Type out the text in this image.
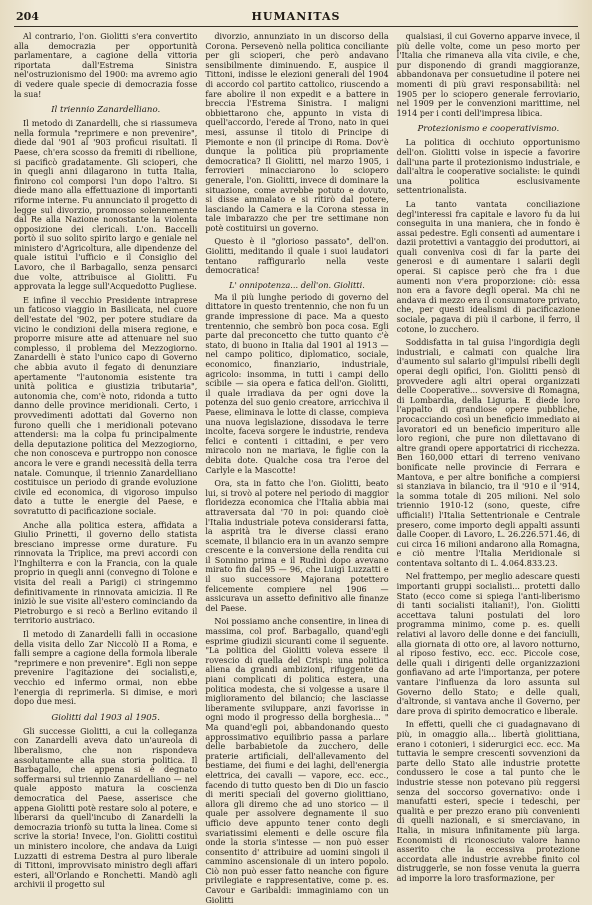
204	HUMANITAS

Al contrario, l'on. Giolitti s'era convertito alla democrazia per opportunità parlamentare, a cagione della vittoria riportata dall'Estrema Sinistra nel'ostruzionismo del 1900: ma avremo agio di vedere quale specie di democrazia fosse la sua!

Il triennio Zanardelliano.

Il metodo di Zanardelli, che si riassumeva nella formula "reprimere e non prevenire", diede dal '901 al '903 proficui risultati. Il Paese, ch'era scosso da fremiti di ribellione, si pacificò gradatamente. Gli scioperi, che in quegli anni dilagarono in tutta Italia, finirono col comporsi l'un dopo l'altro. Si diede mano alla effettuazione di importanti riforme interne. Fu annunciato il progetto di legge sul divorzio, promosso solennemente dal Re alla Nazione nonostante la violenta opposizione dei clericali. L'on. Baccelli portò il suo solito spirito largo e geniale nel ministero d'Agricoltura, alle dipendenze del quale istituì l'ufficio e il Consiglio del Lavoro, che il Barbagallo, senza pensarci due volte, attribuisce al Giolitti. Fu approvata la legge sull'Acquedotto Pugliese.

E infine il vecchio Presidente intraprese un faticoso viaggio in Basilicata, nel cuore dell'estate del '902, per potere studiare da vicino le condizioni della misera regione, e proporre misure atte ad attenuare nel suo complesso, il problema del Mezzogiorno. Zanardelli è stato l'unico capo di Governo che abbia avuto il fegato di denunziare apertamente "l'autonomia esistente tra unità politica e giustizia tributaria", autonomia che, com'è noto, ridonda a tutto danno delle province meridionali. Certo, i provvedimenti adottati dal Governo non furono quelli che i meridionali potevano attendersi: ma la colpa fu principalmente della deputazione politica del Mezzogiorno, che non conosceva e purtroppo non conosce ancora le vere e grandi necessità della terra natale. Comunque, il triennio Zanardelliano costituisce un periodo di grande evoluzione civile ed economica, di vigoroso impulso dato a tutte le energie del Paese, e sovratutto di pacificazione sociale.

Anche alla politica estera, affidata a Giulio Prinetti, il governo dello statista bresciano impresse orme durature. Fu rinnovata la Triplice, ma previ accordi con l'Inghilterra e con la Francia, con la quale proprio in quegli anni (convegno di Tolone e visita del reali a Parigi) ci stringemmo definitivamente in rinnovata amicizia. Il Re iniziò le sue visite all'estero cominciando da Pietroburgo e si recò a Berlino evitando il territorio austriaco.

Il metodo di Zanardelli fallì in occasione della visita dello Zar Niccolò II a Roma, e falli sempre a cagione della formola liberale "reprimere e non prevenire". Egli non seppe prevenire l'agitazione dei socialisti,e, vecchio ed infermo ormai, non ebbe l'energia di reprimerla. Si dimise, e morì dopo due mesi.

Giolitti dal 1903 al 1905.

Gli successe Giolitti, a cui la colleganza con Zanardelli aveva dato un'aureola di liberalismo, che non rispondeva assolutamente alla sua storia politica. Il Barbagallo, che appena si è degnato soffermarsi sul triennio Zanardelliano — nel quale apposto matura la coscienza democratica del Paese, asserisce che appena Giolitti potè restare solo al potere, e liberarsi da quell'incubo di Zanardelli la democrazia trionfò su tutta la linea. Come si scrive la storia! Invece, l'on. Giolitti costituì un ministero incolore, che andava da Luigi Luzzatti di estrema Destra al puro liberale di Tittoni, improvvisato ministro degli affari esteri, all'Orlando e Ronchetti. Mandò agli archivii il progetto sul

divorzio, annunziato in un discorso della Corona. Persevenò nella politica conciliante per gli scioperi, che però andavano sensibilmente diminuendo. E, auspice il Tittoni, indisse le elezioni generali del 1904 di accordo col partito cattolico, riuscendo a fare abolire il non expedit e a battere in breccia l'Estrema Sinistra. I maligni obbiettarono che, appunto in vista di quell'accordo, l'erede al Trono, nato in quei mesi, assunse il titolo di Principe di Piemonte e non (il principe di Roma. Dov'è dunque la politica più propriamente democratica? Il Giolitti, nel marzo 1905, i ferrovieri minacciarono lo sciopero generale, l'on. Giolitti, invece di dominare la situazione, come avrebbe potuto e dovuto, si disse ammalato e si ritirò dal potere, lasciando la Camera e la Corona stessa in tale imbarazzo che per tre settimane non potè costituirsi un governo.

Questo è il "glorioso passato", dell'on. Giolitti, meditando il quale i suoi laudatori tentano raffigurarlo nella veste democratica!

L' onnipotenza... dell'on. Giolitti.

Ma il più lunghe periodo di governo del dittatore in questo trentennio, che non fu un grande impressione di pace. Ma a questo trentennio, che sembrò bon poca cosa. Egli parte dal preconcetto che tutto quanto c'è stato, di buono in Italia dal 1901 al 1913 — nel campo politico, diplomatico, sociale, economico, finanziario, industriale, agricolo: insomma, in tutti i campi dello scibile — sia opera e fatica dell'on. Giolitti, il quale irradiava da per ogni dove la potenza del suo genio creatore, arricchiva il Paese, eliminava le lotte di classe, compieva una nuova legislazione, dissodava le terre incolte, faceva sorgere le industrie, rendeva felici e contenti i cittadini, e per vero miracolo non ne mariava, le figlie con la debita dote. Qualche cosa tra l'eroe del Carlyle e la Mascotte!

Ora, sta in fatto che l'on. Giolitti, beato lui, si trovò al potere nel periodo di maggior floridezza economica che l'Italia abbia mai attraversata dal '70 in poi: quando cioè l'Italia industriale poteva considerarsi fatta, la asprità tra le diverse classi erano scemate, il bilancio era in un avanzo sempre crescente e la conversione della rendita cui il Sonnino prima e il Rudinì dopo avevano mirato fin dal 95 — 96, che Luigi Luzzatti e il suo successore Majorana potettero felicemente compiere nel 1906 — assicurava un assetto definitivo alle finanze del Paese.

Noi possiamo anche consentire, in linea di massima, col prof. Barbagallo, quand'egli esprime giudizii sicuranti come il seguente. "La politica del Giolitti voleva essere il rovescio di quella del Crispi: una politica aliena da grandi ambizioni, rifuggente da piani complicati di politica estera, una politica modesta, che si volgesse a usare il miglioramento del bilancio; che lasciasse liberamente sviluppare, anzi favorisse in ogni modo il progresso della borghesia... " Ma quand'egli poi, abbandonando questo approssimativo equilibrio passa a parlare delle barbabietole da zucchero, delle praterie artificiali, dell'allevamento del bestiame, dei fiumi e dei laghi, dell'energia elettrica, dei cavalli — vapore, ecc. ecc., facendo di tutto questo ben di Dio un fascio di meriti speciali del governo giolittiano, allora gli diremo che ad uno storico — il quale per assolvere degnamente il suo ufficio deve appunto tener conto degli svariatissimi elementi e delle oscure fila onde la storia s'intesse — non può esser consentito d' attribuire ad uomini singoli il cammino ascensionale di un intero popolo. Ciò non può esser fatto neanche con figure privilegiate e rappresentative, come p. es. Cavour e Garibaldi: immaginiamo con un Giolitti

qualsiasi, il cui Governo apparve invece, il più delle volte, come un peso morto per l'Italia che rimaneva alla vita civile, e che, pur disponendo di grandi maggioranze, abbandonava per consuetudine il potere nei momenti di più gravi responsabilità: nel 1905 per lo sciopero generale ferroviario, nel 1909 per le convenzioni marittime, nel 1914 per i conti dell'impresa libica.

Protezionismo e cooperativismo.

La politica di occhiuto opportunismo dell'on. Giolitti volse in ispecie a favorire dall'una parte il protezionismo industriale, e dall'altra le cooperative socialiste: le quindi una politica esclusivamente settentrionalista.

La tanto vantata conciliazione degl'interessi fra capitale e lavoro fu da lui conseguita in una maniera, che in fondo è assai pedestre. Egli consentì ad aumentare i dazii protettivi a vantaggio dei produttori, ai quali conveniva così di far la parte dei generosi e di aumentare i salarii degli operai. Si capisce però che fra i due aumenti non v'era proporzione: ciò: essa non era a favore degli operai. Ma chi ne andava di mezzo era il consumatore privato, che, per questi idealismi di pacificazione sociale, pagava di più il carbone, il ferro, il cotone, lo zucchero.

Soddisfatta in tal guisa l'ingordigia degli industriali, e calmati con qualche lira d'aumento sul salario gl'impulsi ribelli degli operai degli opifici, l'on. Giolitti pensò di provvedere agli altri operai organizzati delle Cooperative... sovversive di Romagna, di Lombardia, della Liguria. E diede loro l'appalto di grandiose opere pubbliche, procacciando così un beneficio immediato ai lavoratori ed un beneficio imperituro alle loro regioni, che pure non dilettavano di altre grandi opere apportatrici di ricchezza. Ben 160,000 ettari di terreno venivano bonificate nelle provincie di Ferrara e Mantova, e per altre bonifiche a compiersi si stanziava in bilancio, tra il '910 e il '914, la somma totale di 205 milioni. Nel solo triennio 1910-12 (sono, queste, cifre ufficiali!) l'Italia Settentrionale e Centrale presero, come importo degli appalti assunti dalle Cooper. di Lavoro, L. 26.226.571.46, di cui circa 16 milioni andarono alla Romagna, e ciò mentre l'Italia Meridionale si contentava soltanto di L. 4.064.833.23.

Nel frattempo, per meglio adescare questi importanti gruppi socialisti... protetti dallo Stato (ecco come si spiega l'anti-liberismo di tanti socialisti italiani!), l'on. Giolitti accettava taluni postulati del loro programma minimo, come p. es. quelli relativi al lavoro delle donne e dei fanciulli, alla giornata di otto ore, al lavoro notturno, al riposo festivo, ecc. ecc. Piccole cose, delle quali i dirigenti delle organizzazioni gonfiavano ad arte l'importanza, per potere vantare l'influenza da loro assunta sul Governo dello Stato; e delle quali, d'altronde, si vantava anche il Governo, per dare prova di spirito democratico e liberale.

In effetti, quelli che ci guadagnavano di più, in omaggio alla... libertà giolittiana, erano i cotonieri, i siderurgici ecc. ecc. Ma tuttavia le sempre crescenti sovvenzioni da parte dello Stato alle industrie protette condussero le cose a tal punto che le industrie stesse non potevano più reggersi senza del soccorso governativo: onde i manufatti esteri, specie i tedeschi, per qualità e per prezzo erano più convenienti di quelli nazionali, e si smerciavano, in Italia, in misura infinitamente più larga. Economisti di riconosciuto valore hanno asserito che la eccessiva protezione accordata alle industrie avrebbe finito col distruggerle, se non fosse venuta la guerra ad imporre la loro trasformazione, per
